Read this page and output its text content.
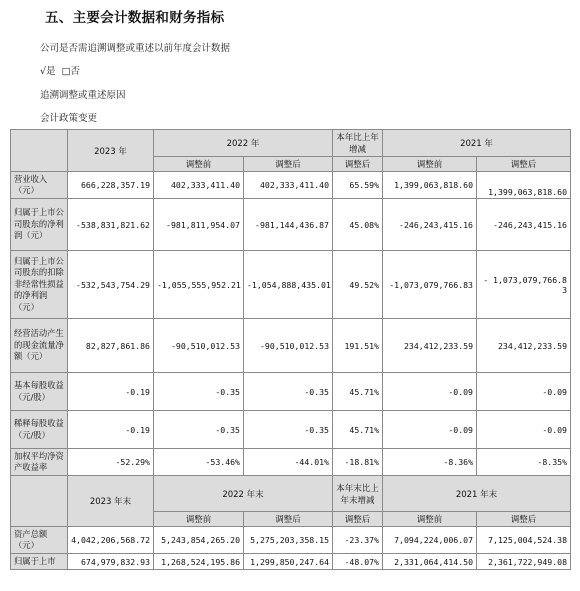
五、主要会计数据和财务指标
公司是否需追溯调整或重述以前年度会计数据
√是 □否
追溯调整或重述原因
会计政策变更
	2023 年	2022 年		本年比上年增减	2021 年	
		调整前	调整后	调整后	调整前	调整后
营业收入（元）	666,228,357.19	402,333,411.40	402,333,411.40	65.59%	1,399,063,818.60	1,399,063,818.60
归属于上市公司股东的净利润（元）	-538,831,821.62	-981,811,954.07	-981,144,436.87	45.08%	-246,243,415.16	-246,243,415.16
归属于上市公司股东的扣除非经常性损益的净利润（元）	-532,543,754.29	-1,055,555,952.21	-1,054,888,435.01	49.52%	-1,073,079,766.83	- 1,073,079,766.83
经营活动产生的现金流量净额（元）	82,827,861.86	-90,510,012.53	-90,510,012.53	191.51%	234,412,233.59	234,412,233.59
基本每股收益（元/股）	-0.19	-0.35	-0.35	45.71%	-0.09	-0.09
稀释每股收益（元/股）	-0.19	-0.35	-0.35	45.71%	-0.09	-0.09
加权平均净资产收益率	-52.29%	-53.46%	-44.01%	-18.81%	-8.36%	-8.35%
	2023 年末	2022 年末		本年末比上年末增减	2021 年末	
		调整前	调整后	调整后	调整前	调整后
资产总额（元）	4,042,206,568.72	5,243,854,265.20	5,275,203,358.15	-23.37%	7,094,224,006.07	7,125,004,524.38
归属于上市	674,979,832.93	1,268,524,195.86	1,299,850,247.64	-48.07%	2,331,064,414.50	2,361,722,949.08
